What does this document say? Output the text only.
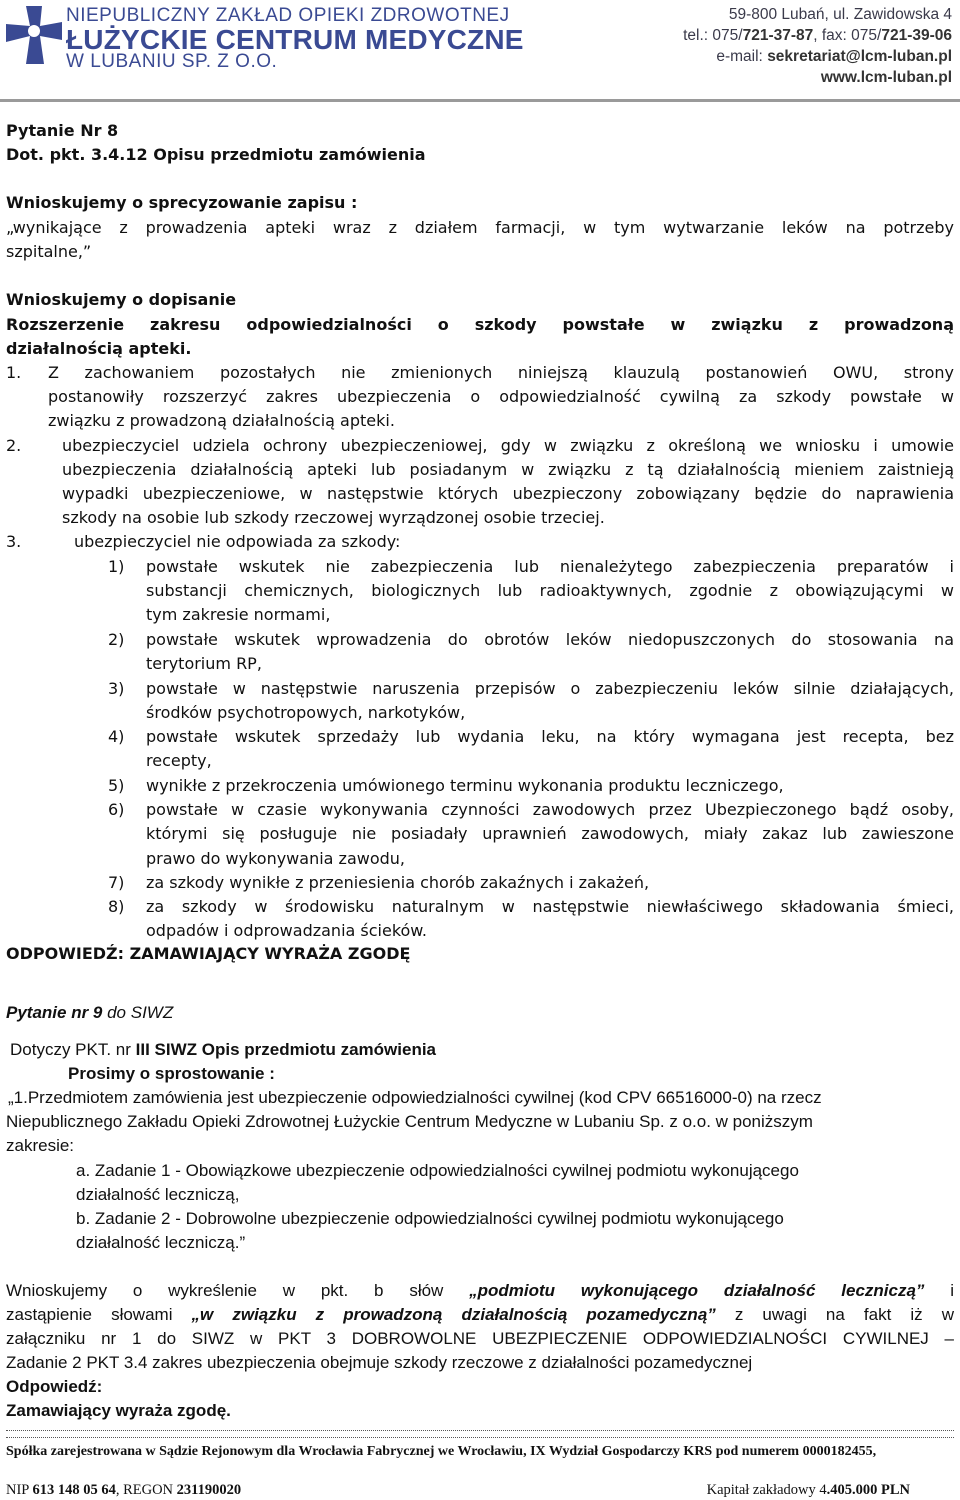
NIEPUBLICZNY ZAKŁAD OPIEKI ZDROWOTNEJ
ŁUŻYCKIE CENTRUM MEDYCZNE
W LUBANIU SP. Z O.O.
59-800 Lubań, ul. Zawidowska 4
tel.: 075/721-37-87, fax: 075/721-39-06
e-mail: sekretariat@lcm-luban.pl
www.lcm-luban.pl
Pytanie Nr 8
Dot. pkt. 3.4.12 Opisu przedmiotu zamówienia
Wnioskujemy o sprecyzowanie zapisu :
„wynikające z prowadzenia apteki wraz z działem farmacji, w tym wytwarzanie leków na potrzeby
szpitalne,”
Wnioskujemy o dopisanie
Rozszerzenie zakresu odpowiedzialności o szkody powstałe w związku z prowadzoną
działalnością apteki.
1. Z zachowaniem pozostałych nie zmienionych niniejszą klauzulą postanowień OWU, strony
postanowiły rozszerzyć zakres ubezpieczenia o odpowiedzialność cywilną za szkody powstałe w
związku z prowadzoną działalnością apteki.
2.	ubezpieczyciel udziela ochrony ubezpieczeniowej, gdy w związku z określoną we wniosku i umowie
ubezpieczenia działalnością apteki lub posiadanym w związku z tą działalnością mieniem zaistnieją
wypadki ubezpieczeniowe, w następstwie których ubezpieczony zobowiązany będzie do naprawienia
szkody na osobie lub szkody rzeczowej wyrządzonej osobie trzeciej.
3.	ubezpieczyciel nie odpowiada za szkody:
1) powstałe wskutek nie zabezpieczenia lub nienależytego zabezpieczenia preparatów i
substancji chemicznych, biologicznych lub radioaktywnych, zgodnie z obowiązującymi w
tym zakresie normami,
2) powstałe wskutek wprowadzenia do obrotów leków niedopuszczonych do stosowania na
terytorium RP,
3) powstałe w następstwie naruszenia przepisów o zabezpieczeniu leków silnie działających,
środków psychotropowych, narkotyków,
4) powstałe wskutek sprzedaży lub wydania leku, na który wymagana jest recepta, bez
recepty,
5) wynikłe z przekroczenia umówionego terminu wykonania produktu leczniczego,
6) powstałe w czasie wykonywania czynności zawodowych przez Ubezpieczonego bądź osoby,
którymi się posługuje nie posiadały uprawnień zawodowych, miały zakaz lub zawieszone
prawo do wykonywania zawodu,
7) za szkody wynikłe z przeniesienia chorób zakaźnych i zakażeń,
8) za szkody w środowisku naturalnym w następstwie niewłaściwego składowania śmieci,
odpadów i odprowadzania ścieków.
ODPOWIEDŹ: ZAMAWIAJĄCY WYRAŻA ZGODĘ
Pytanie nr 9 do SIWZ
Dotyczy PKT. nr III SIWZ Opis przedmiotu zamówienia
Prosimy o sprostowanie :
„1.Przedmiotem zamówienia jest ubezpieczenie odpowiedzialności cywilnej (kod CPV 66516000-0) na rzecz
Niepublicznego Zakładu Opieki Zdrowotnej Łużyckie Centrum Medyczne w Lubaniu Sp. z o.o. w poniższym
zakresie:
a. Zadanie 1 - Obowiązkowe ubezpieczenie odpowiedzialności cywilnej podmiotu wykonującego
działalność leczniczą,
b. Zadanie 2 - Dobrowolne ubezpieczenie odpowiedzialności cywilnej podmiotu wykonującego
działalność leczniczą.”
Wnioskujemy o wykreślenie w pkt. b słów „podmiotu wykonującego działalność leczniczą” i
zastąpienie słowami „w związku z prowadzoną działalnością pozamedyczną” z uwagi na fakt iż w
załączniku nr 1 do SIWZ w PKT 3 DOBROWOLNE UBEZPIECZENIE ODPOWIEDZIALNOŚCI CYWILNEJ –
Zadanie 2 PKT 3.4 zakres ubezpieczenia obejmuje szkody rzeczowe z działalności pozamedycznej
Odpowiedź:
Zamawiający wyraża zgodę.
Spółka zarejestrowana w Sądzie Rejonowym dla Wrocławia Fabrycznej we Wrocławiu, IX Wydział Gospodarczy KRS pod numerem 0000182455,
NIP 613 148 05 64, REGON 231190020	Kapitał zakładowy 4.405.000 PLN
